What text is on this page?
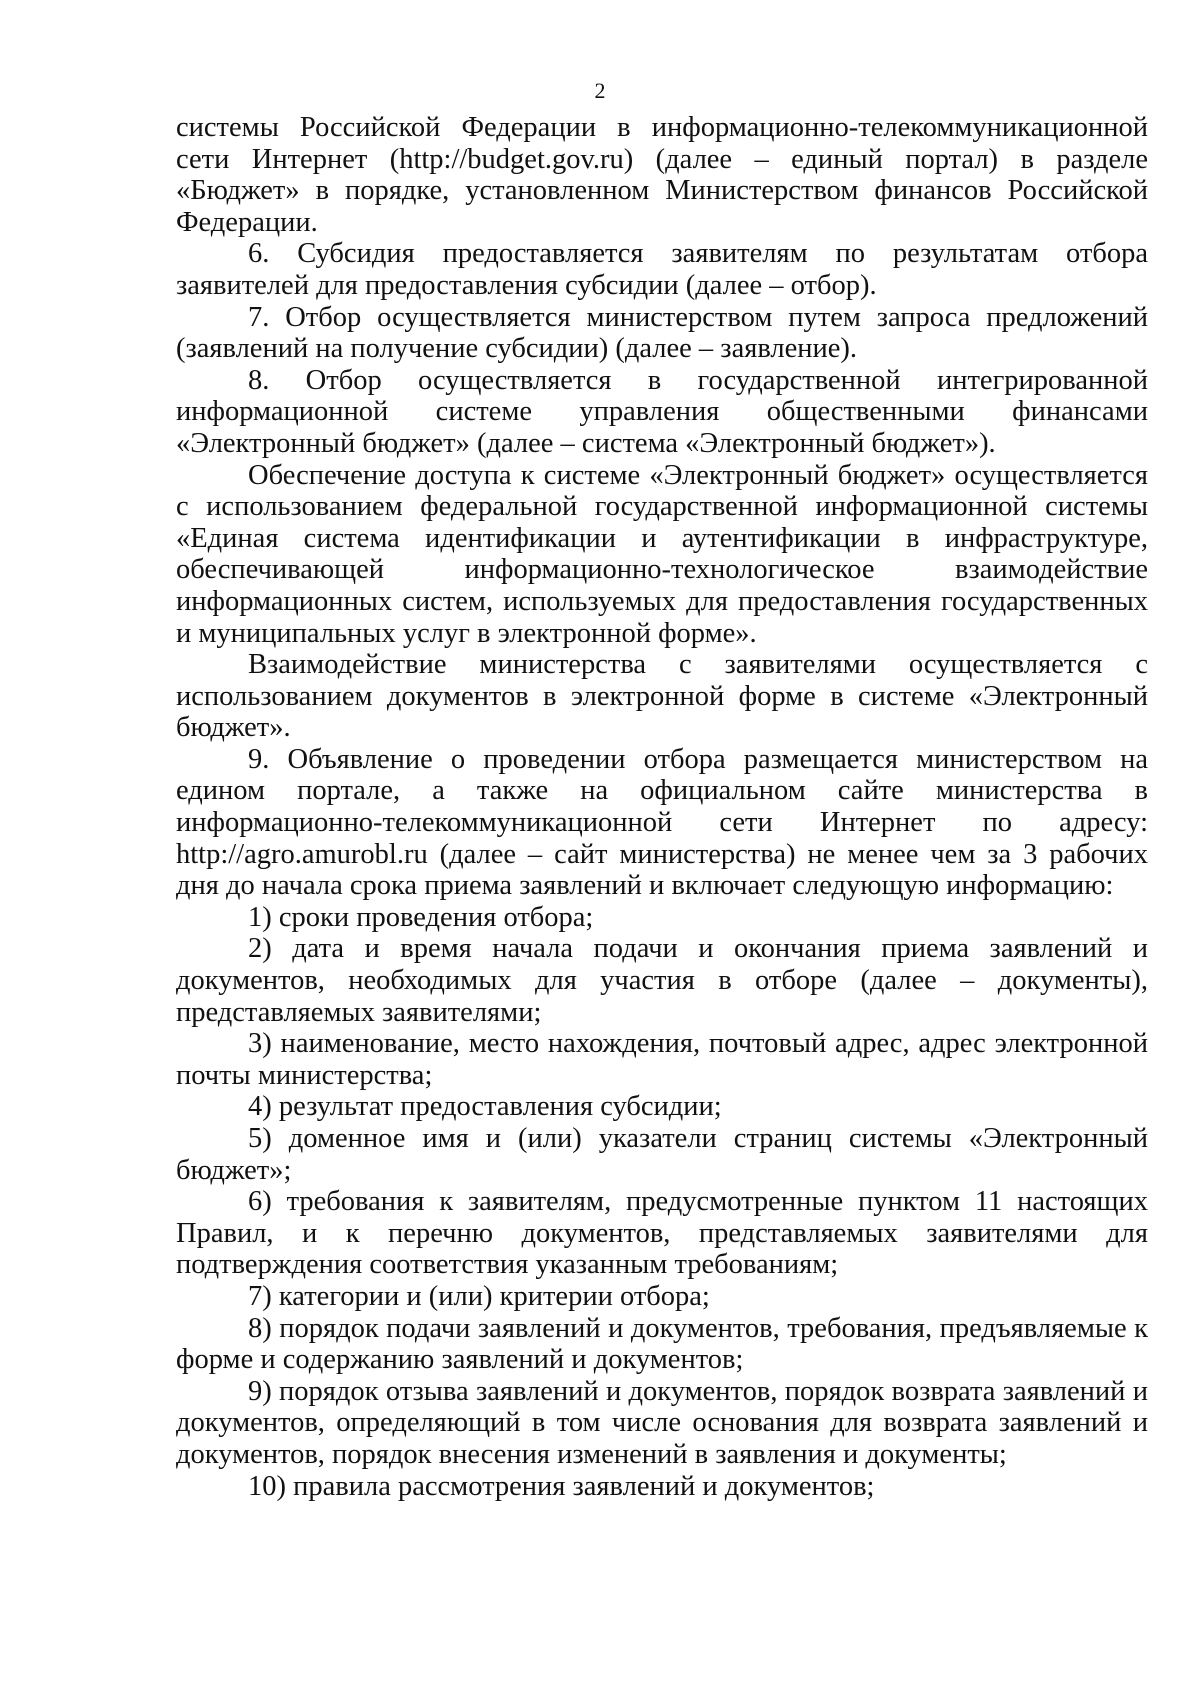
2

системы Российской Федерации в информационно-телекоммуникационной сети Интернет (http://budget.gov.ru) (далее – единый портал) в разделе «Бюджет» в порядке, установленном Министерством финансов Российской Федерации.

6. Субсидия предоставляется заявителям по результатам отбора заявителей для предоставления субсидии (далее – отбор).

7. Отбор осуществляется министерством путем запроса предложений (заявлений на получение субсидии) (далее – заявление).

8. Отбор осуществляется в государственной интегрированной информационной системе управления общественными финансами «Электронный бюджет» (далее – система «Электронный бюджет»).

Обеспечение доступа к системе «Электронный бюджет» осуществляется с использованием федеральной государственной информационной системы «Единая система идентификации и аутентификации в инфраструктуре, обеспечивающей информационно-технологическое взаимодействие информационных систем, используемых для предоставления государственных и муниципальных услуг в электронной форме».

Взаимодействие министерства с заявителями осуществляется с использованием документов в электронной форме в системе «Электронный бюджет».

9. Объявление о проведении отбора размещается министерством на едином портале, а также на официальном сайте министерства в информационно-телекоммуникационной сети Интернет по адресу: http://agro.amurobl.ru (далее – сайт министерства) не менее чем за 3 рабочих дня до начала срока приема заявлений и включает следующую информацию:

1) сроки проведения отбора;

2) дата и время начала подачи и окончания приема заявлений и документов, необходимых для участия в отборе (далее – документы), представляемых заявителями;

3) наименование, место нахождения, почтовый адрес, адрес электронной почты министерства;

4) результат предоставления субсидии;

5) доменное имя и (или) указатели страниц системы «Электронный бюджет»;

6) требования к заявителям, предусмотренные пунктом 11 настоящих Правил, и к перечню документов, представляемых заявителями для подтверждения соответствия указанным требованиям;

7) категории и (или) критерии отбора;

8) порядок подачи заявлений и документов, требования, предъявляемые к форме и содержанию заявлений и документов;

9) порядок отзыва заявлений и документов, порядок возврата заявлений и документов, определяющий в том числе основания для возврата заявлений и документов, порядок внесения изменений в заявления и документы;

10) правила рассмотрения заявлений и документов;
